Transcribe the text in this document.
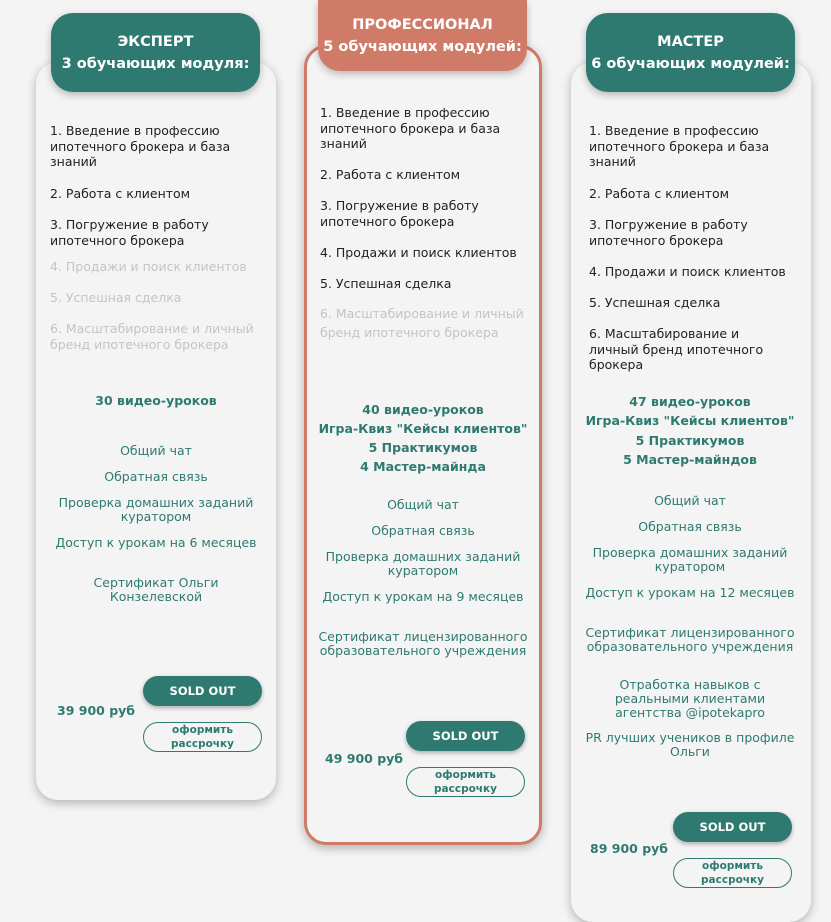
ЭКСПЕРТ
3 обучающих модуля:
1. Введение в профессию ипотечного брокера и база знаний
2. Работа с клиентом
3. Погружение в работу ипотечного брокера
4. Продажи и поиск клиентов
5. Успешная сделка
6. Масштабирование и личный бренд ипотечного брокера
30 видео-уроков
Общий чат
Обратная связь
Проверка домашних заданий куратором
Доступ к урокам на 6 месяцев
Сертификат Ольги Конзелевской
39 900 руб
SOLD OUT
оформить рассрочку
ПРОФЕССИОНАЛ
5 обучающих модулей:
1. Введение в профессию ипотечного брокера и база знаний
2. Работа с клиентом
3. Погружение в работу ипотечного брокера
4. Продажи и поиск клиентов
5. Успешная сделка
6. Масштабирование и личный бренд ипотечного брокера
40 видео-уроков
Игра-Квиз "Кейсы клиентов"
5 Практикумов
4 Мастер-майнда
Общий чат
Обратная связь
Проверка домашних заданий куратором
Доступ к урокам на 9 месяцев
Сертификат лицензированного образовательного учреждения
49 900 руб
SOLD OUT
оформить рассрочку
МАСТЕР
6 обучающих модулей:
1. Введение в профессию ипотечного брокера и база знаний
2. Работа с клиентом
3. Погружение в работу ипотечного брокера
4. Продажи и поиск клиентов
5. Успешная сделка
6. Масштабирование и личный бренд ипотечного брокера
47 видео-уроков
Игра-Квиз "Кейсы клиентов"
5 Практикумов
5 Мастер-майндов
Общий чат
Обратная связь
Проверка домашних заданий куратором
Доступ к урокам на 12 месяцев
Сертификат лицензированного образовательного учреждения
Отработка навыков с реальными клиентами агентства @ipotekapro
PR лучших учеников в профиле Ольги
89 900 руб
SOLD OUT
оформить рассрочку
